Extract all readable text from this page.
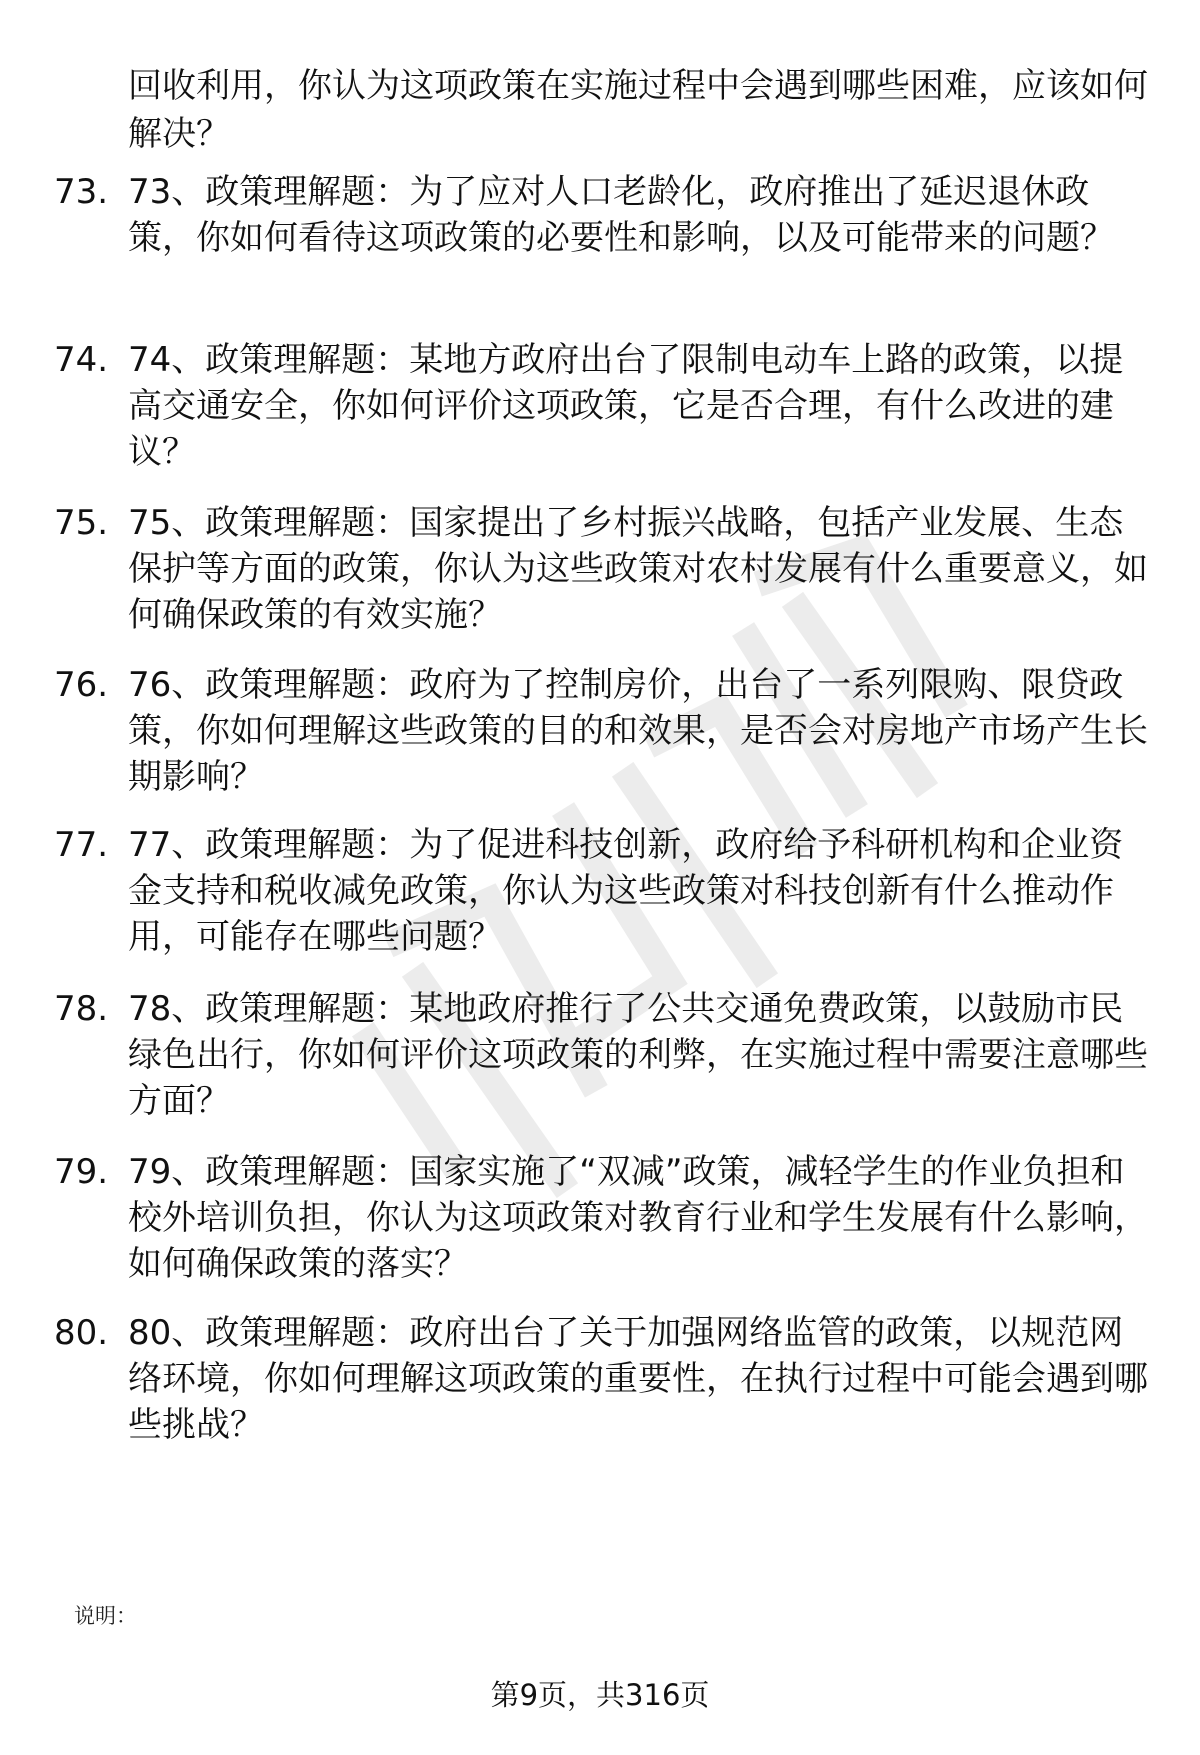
回收利用，你认为这项政策在实施过程中会遇到哪些困难，应该如何解决？
73. 73、政策理解题：为了应对人口老龄化，政府推出了延迟退休政策，你如何看待这项政策的必要性和影响，以及可能带来的问题？
74. 74、政策理解题：某地方政府出台了限制电动车上路的政策，以提高交通安全，你如何评价这项政策，它是否合理，有什么改进的建议？
75. 75、政策理解题：国家提出了乡村振兴战略，包括产业发展、生态保护等方面的政策，你认为这些政策对农村发展有什么重要意义，如何确保政策的有效实施？
76. 76、政策理解题：政府为了控制房价，出台了一系列限购、限贷政策，你如何理解这些政策的目的和效果，是否会对房地产市场产生长期影响？
77. 77、政策理解题：为了促进科技创新，政府给予科研机构和企业资金支持和税收减免政策，你认为这些政策对科技创新有什么推动作用，可能存在哪些问题？
78. 78、政策理解题：某地政府推行了公共交通免费政策，以鼓励市民绿色出行，你如何评价这项政策的利弊，在实施过程中需要注意哪些方面？
79. 79、政策理解题：国家实施了“双减”政策，减轻学生的作业负担和校外培训负担，你认为这项政策对教育行业和学生发展有什么影响，如何确保政策的落实？
80. 80、政策理解题：政府出台了关于加强网络监管的政策，以规范网络环境，你如何理解这项政策的重要性，在执行过程中可能会遇到哪些挑战？
说明：
第9页，共316页
